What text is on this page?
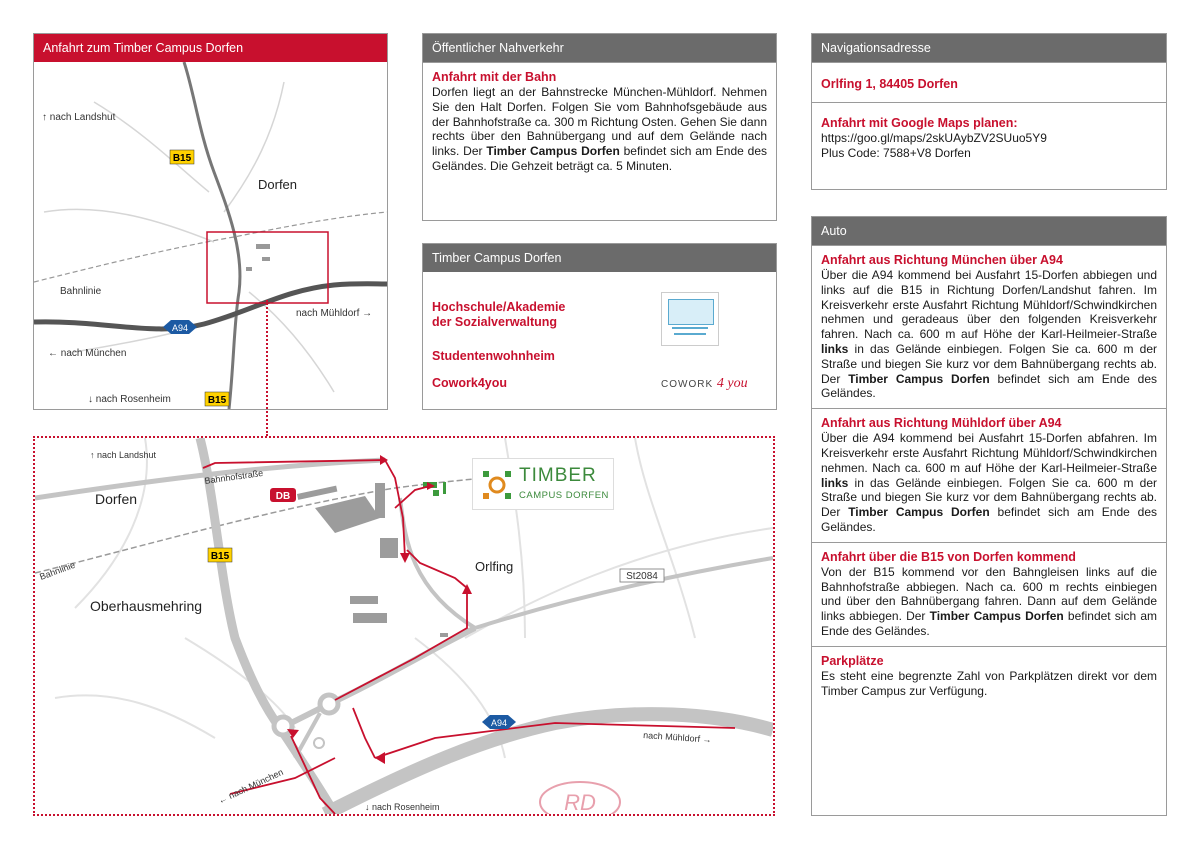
Anfahrt zum Timber Campus Dorfen
B15
B15
A94
↑ nach Landshut
Dorfen
Bahnlinie
nach Mühldorf →
← nach München
↓ nach Rosenheim
DB
B15
A94
St2084
↑ nach Landshut
Bahnhofstraße
Dorfen
Bahnlinie
Oberhausmehring
Orlfing
nach Mühldorf →
← nach München
↓ nach Rosenheim	RD
TIMBER
CAMPUS DORFEN
Öffentlicher Nahverkehr
Anfahrt mit der Bahn

Dorfen liegt an der Bahnstrecke München-Mühldorf. Nehmen Sie den Halt Dorfen. Folgen Sie vom Bahnhofsgebäude aus der Bahnhofstraße ca. 300 m Richtung Osten. Gehen Sie dann rechts über den Bahnübergang und auf dem Gelände nach links. Der Timber Campus Dorfen befindet sich am Ende des Geländes. Die Gehzeit beträgt ca. 5 Minuten.

Timber Campus Dorfen
Hochschule/Akademie
der Sozialverwaltung
Studentenwohnheim
Cowork4you	COWORK 4 you
Navigationsadresse
Orlfing 1, 84405 Dorfen
Anfahrt mit Google Maps planen:
https://goo.gl/maps/2skUAybZV2SUuo5Y9
Plus Code: 7588+V8 Dorfen
Auto
Anfahrt aus Richtung München über A94

Über die A94 kommend bei Ausfahrt 15-Dorfen abbiegen und links auf die B15 in Richtung Dorfen/Landshut fahren. Im Kreisverkehr erste Ausfahrt Richtung Mühldorf/Schwindkirchen nehmen und geradeaus über den folgenden Kreisverkehr fahren. Nach ca. 600 m auf Höhe der Karl-Heilmeier-Straße links in das Gelände einbiegen. Folgen Sie ca. 600 m der Straße und biegen Sie kurz vor dem Bahnübergang rechts ab. Der Timber Campus Dorfen befindet sich am Ende des Geländes.

Anfahrt aus Richtung Mühldorf über A94

Über die A94 kommend bei Ausfahrt 15-Dorfen abfahren. Im Kreisverkehr erste Ausfahrt Richtung Mühldorf/Schwindkirchen nehmen. Nach ca. 600 m auf Höhe der Karl-Heilmeier-Straße links in das Gelände einbiegen. Folgen Sie ca. 600 m der Straße und biegen Sie kurz vor dem Bahnübergang rechts ab. Der Timber Campus Dorfen befindet sich am Ende des Geländes.

Anfahrt über die B15 von Dorfen kommend

Von der B15 kommend vor den Bahngleisen links auf die Bahnhofstraße abbiegen. Nach ca. 600 m rechts einbiegen und über den Bahnübergang fahren. Dann auf dem Gelände links abbiegen. Der Timber Campus Dorfen befindet sich am Ende des Geländes.

Parkplätze

Es steht eine begrenzte Zahl von Parkplätzen direkt vor dem Timber Campus zur Verfügung.
